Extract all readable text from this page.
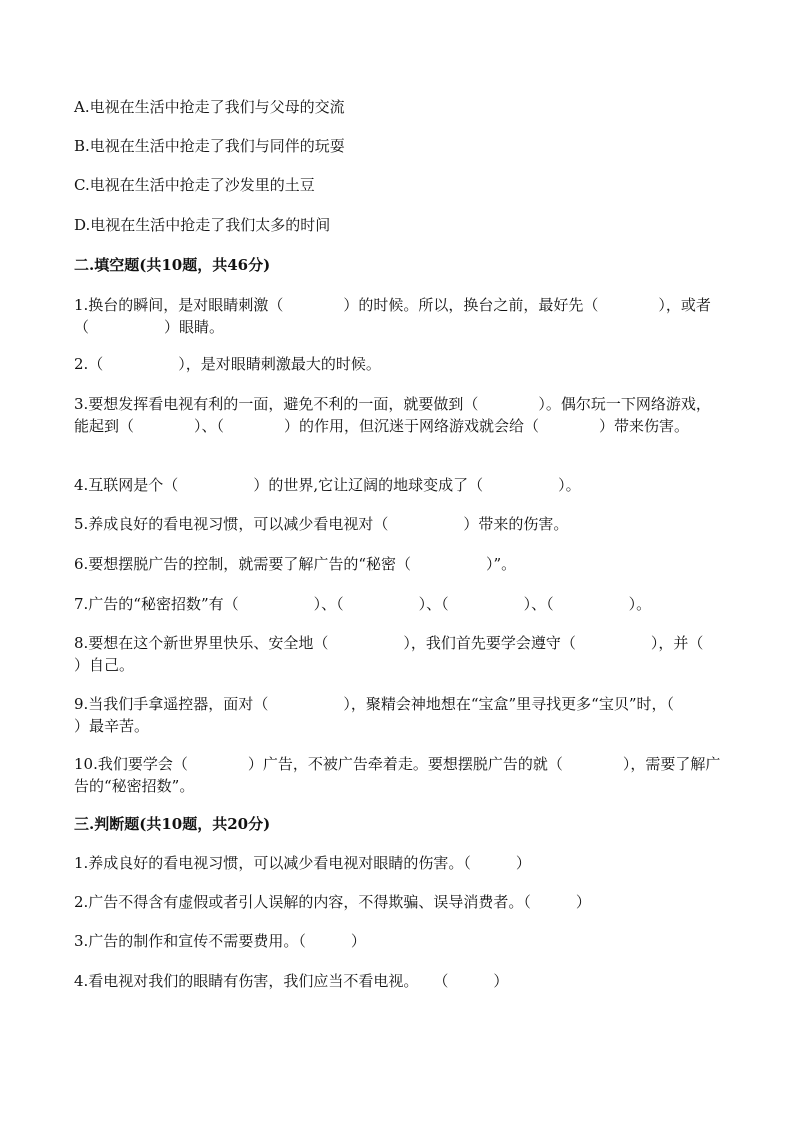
A.电视在生活中抢走了我们与父母的交流
B.电视在生活中抢走了我们与同伴的玩耍
C.电视在生活中抢走了沙发里的土豆
D.电视在生活中抢走了我们太多的时间
二.填空题(共10题，共46分)
1.换台的瞬间，是对眼睛刺激（　　　　）的时候。所以，换台之前，最好先（　　　　），或者（　　　　　）眼睛。
2.（　　　　　），是对眼睛刺激最大的时候。
3.要想发挥看电视有利的一面，避免不利的一面，就要做到（　　　　）。偶尔玩一下网络游戏，能起到（　　　　）、（　　　　）的作用，但沉迷于网络游戏就会给（　　　　）带来伤害。
4.互联网是个（　　　　　）的世界,它让辽阔的地球变成了（　　　　　）。
5.养成良好的看电视习惯，可以减少看电视对（　　　　　）带来的伤害。
6.要想摆脱广告的控制，就需要了解广告的“秘密（　　　　　）”。
7.广告的“秘密招数”有（　　　　　）、（　　　　　）、（　　　　　）、（　　　　　）。
8.要想在这个新世界里快乐、安全地（　　　　　），我们首先要学会遵守（　　　　　），并（　　　　　）自己。
9.当我们手拿遥控器，面对（　　　　　），聚精会神地想在“宝盒”里寻找更多“宝贝”时，（　　　　　）最辛苦。
10.我们要学会（　　　　）广告，不被广告牵着走。要想摆脱广告的就（　　　　），需要了解广告的“秘密招数”。
三.判断题(共10题，共20分)
1.养成良好的看电视习惯，可以减少看电视对眼睛的伤害。（　　　）
2.广告不得含有虚假或者引人误解的内容，不得欺骗、误导消费者。（　　　）
3.广告的制作和宣传不需要费用。（　　　）
4.看电视对我们的眼睛有伤害，我们应当不看电视。　　（　　　）
